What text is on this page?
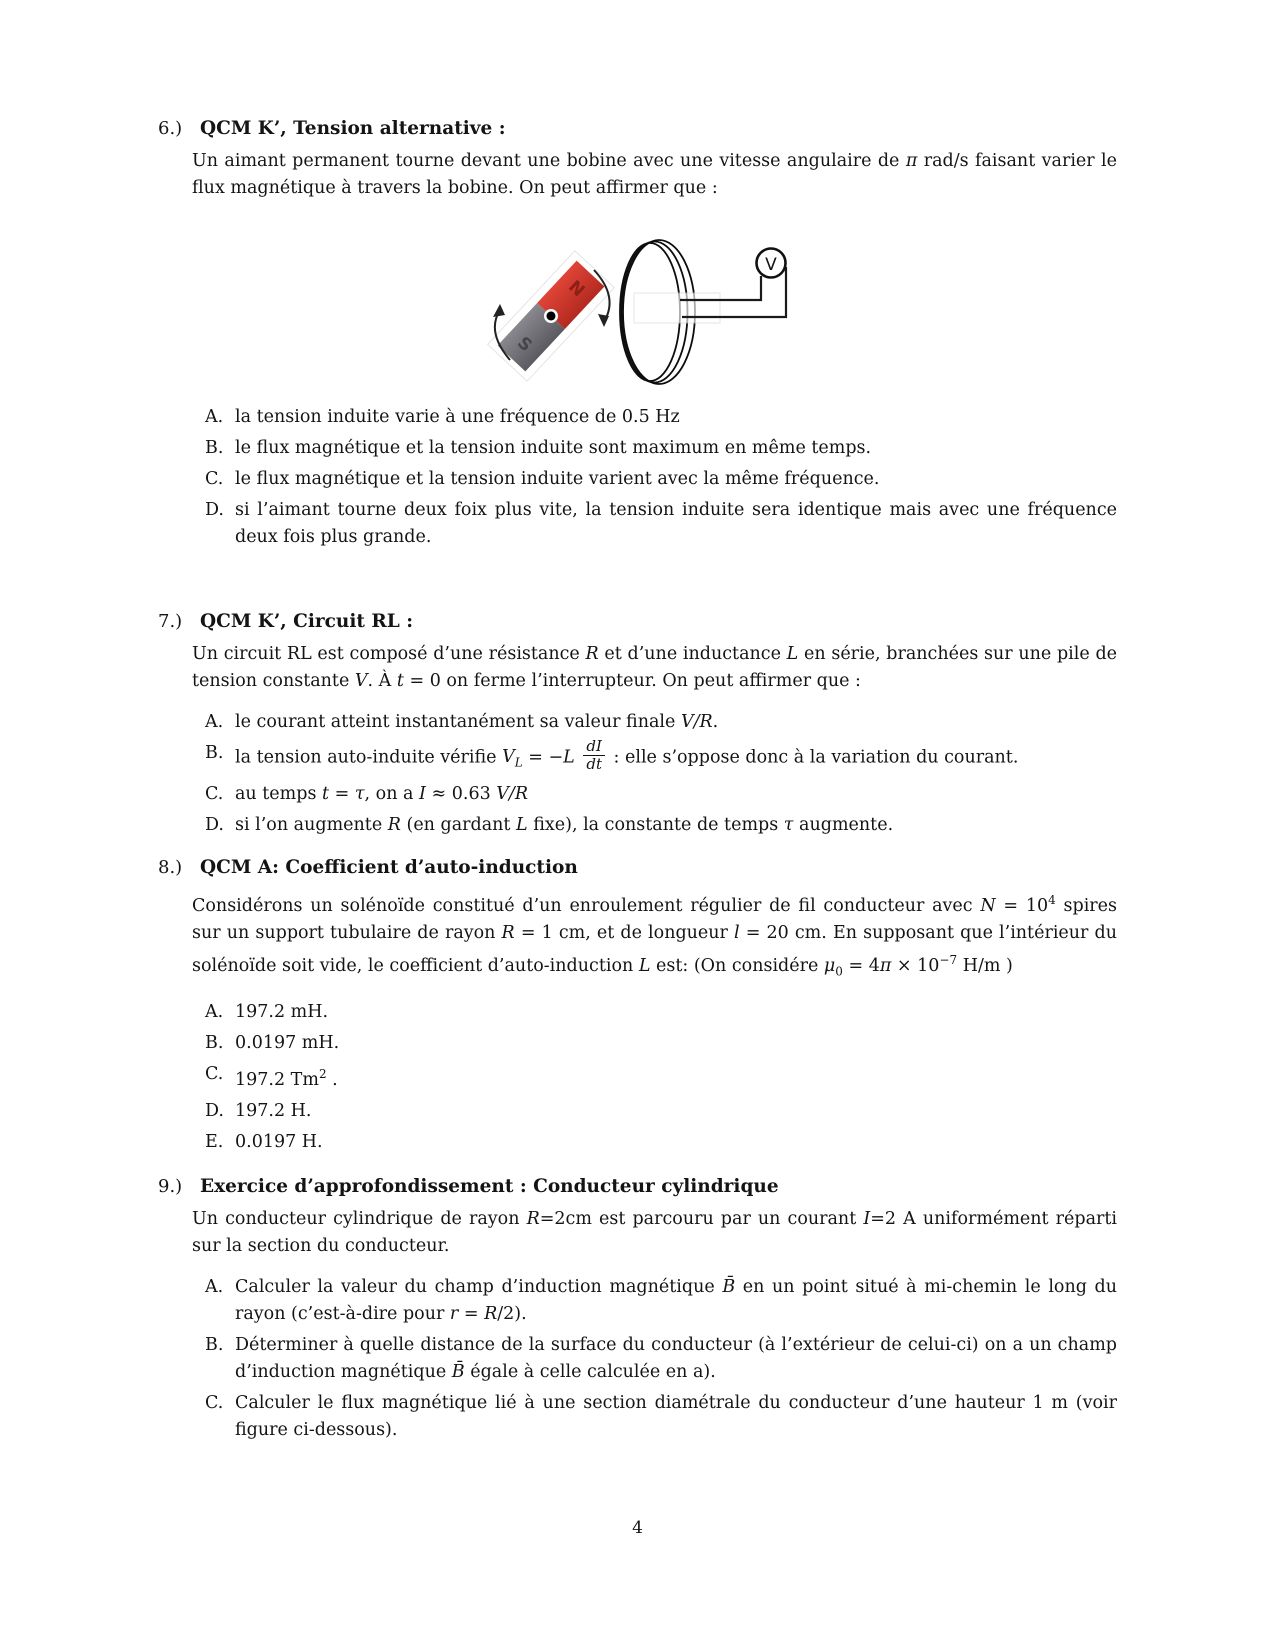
6.) QCM K’, Tension alternative :
Un aimant permanent tourne devant une bobine avec une vitesse angulaire de π rad/s faisant varier le flux magnétique à travers la bobine. On peut affirmer que :
N
S
V
A. la tension induite varie à une fréquence de 0.5 Hz
B. le flux magnétique et la tension induite sont maximum en même temps.
C. le flux magnétique et la tension induite varient avec la même fréquence.
D. si l’aimant tourne deux foix plus vite, la tension induite sera identique mais avec une fréquence deux fois plus grande.
7.) QCM K’, Circuit RL :
Un circuit RL est composé d’une résistance R et d’une inductance L en série, branchées sur une pile de tension constante V. À t = 0 on ferme l’interrupteur. On peut affirmer que :
A. le courant atteint instantanément sa valeur finale V/R.
B. la tension auto-induite vérifie $V_L = -L \frac{dI}{dt}$ : elle s’oppose donc à la variation du courant.
C. au temps t = τ, on a I ≈ 0.63 V/R
D. si l’on augmente R (en gardant L fixe), la constante de temps τ augmente.
8.) QCM A: Coefficient d’auto-induction
Considérons un solénoïde constitué d’un enroulement régulier de fil conducteur avec $N = 10^4$ spires sur un support tubulaire de rayon R = 1 cm, et de longueur l = 20 cm. En supposant que l’intérieur du solénoïde soit vide, le coefficient d’auto-induction L est: (On considére $\mu_0 = 4\pi \times 10^{-7}$ H/m )
A. 197.2 mH.
B. 0.0197 mH.
C. 197.2 Tm$^2$ .
D. 197.2 H.
E. 0.0197 H.
9.) Exercice d’approfondissement : Conducteur cylindrique
Un conducteur cylindrique de rayon R=2cm est parcouru par un courant I=2 A uniformément réparti sur la section du conducteur.
A. Calculer la valeur du champ d’induction magnétique B̄ en un point situé à mi-chemin le long du rayon (c’est-à-dire pour r = R/2).
B. Déterminer à quelle distance de la surface du conducteur (à l’extérieur de celui-ci) on a un champ d’induction magnétique B̄ égale à celle calculée en a).
C. Calculer le flux magnétique lié à une section diamétrale du conducteur d’une hauteur 1 m (voir figure ci-dessous).
4
